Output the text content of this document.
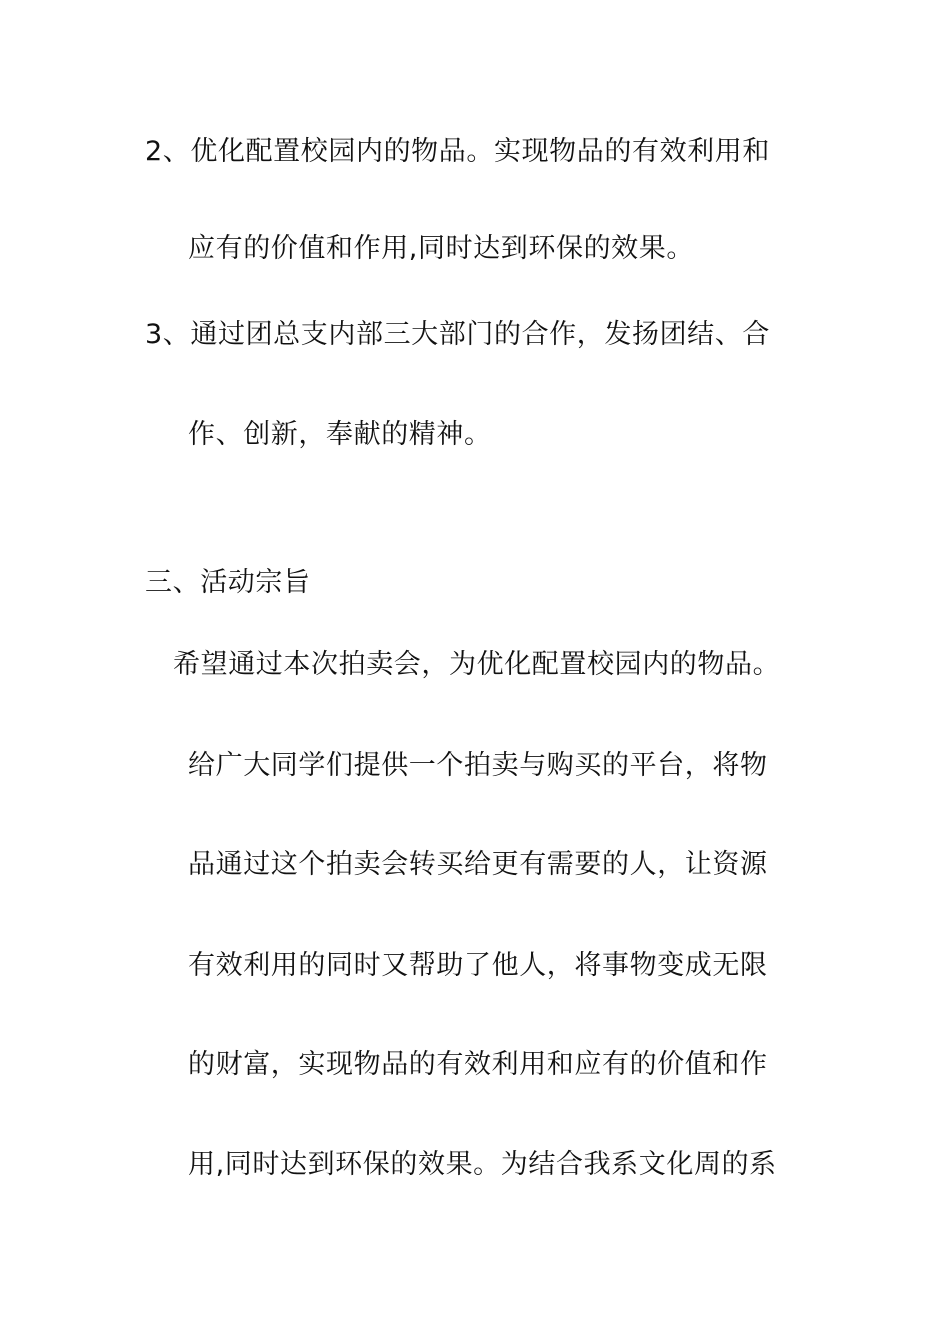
2、优化配置校园内的物品。实现物品的有效利用和
应有的价值和作用,同时达到环保的效果。
3、通过团总支内部三大部门的合作，发扬团结、合
作、创新，奉献的精神。
三、活动宗旨
希望通过本次拍卖会，为优化配置校园内的物品。
给广大同学们提供一个拍卖与购买的平台，将物
品通过这个拍卖会转买给更有需要的人，让资源
有效利用的同时又帮助了他人，将事物变成无限
的财富，实现物品的有效利用和应有的价值和作
用,同时达到环保的效果。为结合我系文化周的系
